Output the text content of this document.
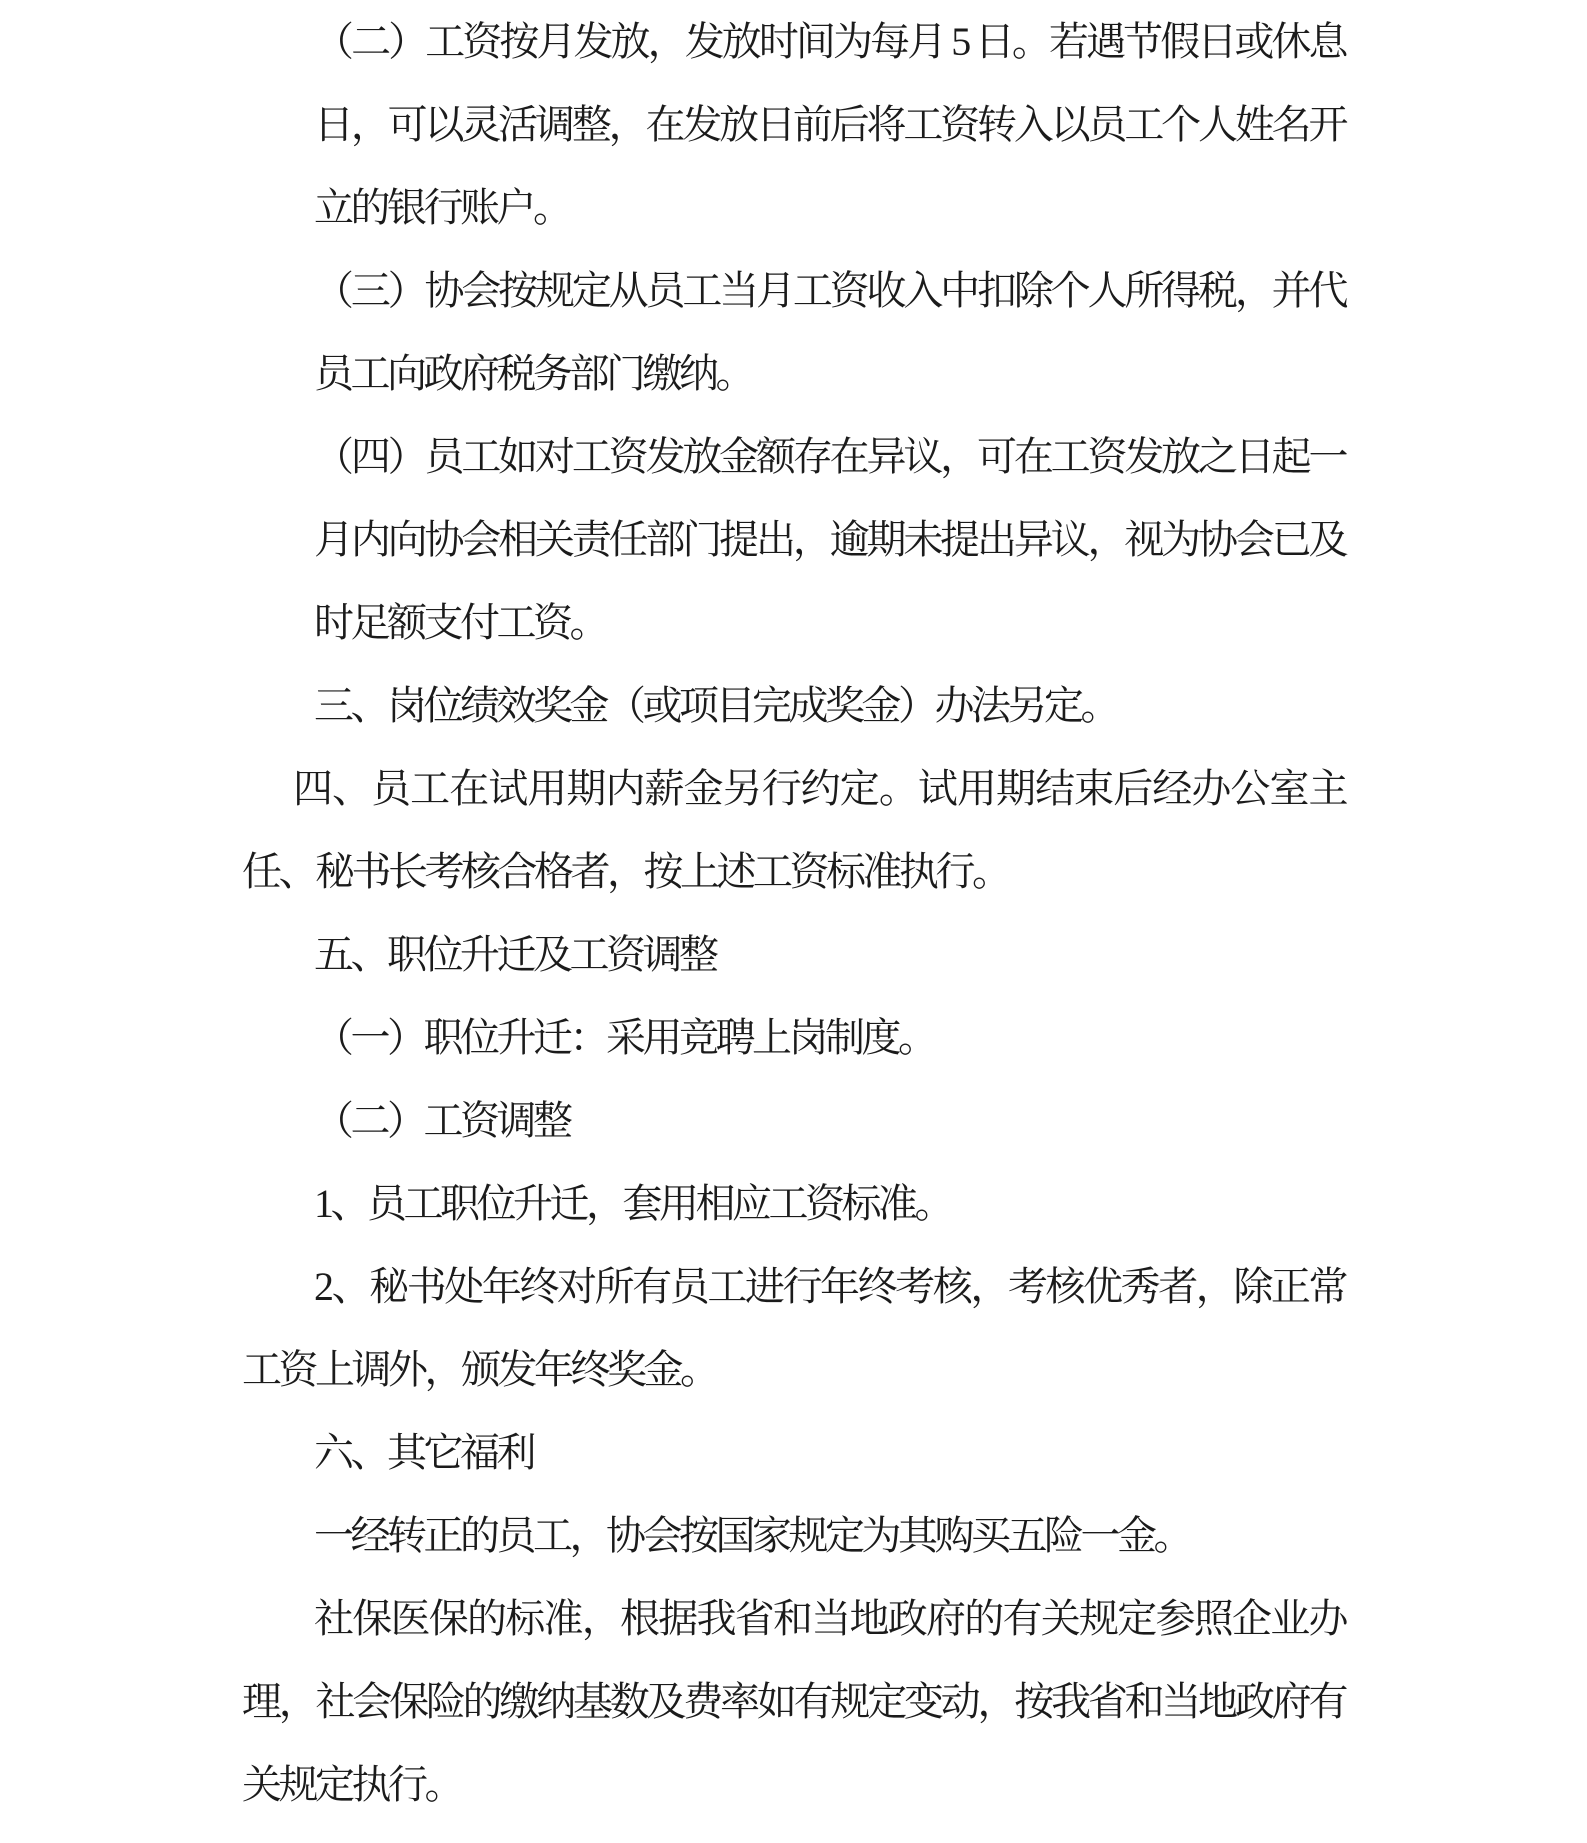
（二）工资按月发放，发放时间为每月 5 日。若遇节假日或休息日，可以灵活调整，在发放日前后将工资转入以员工个人姓名开立的银行账户。

（三）协会按规定从员工当月工资收入中扣除个人所得税，并代员工向政府税务部门缴纳。

（四）员工如对工资发放金额存在异议，可在工资发放之日起一月内向协会相关责任部门提出，逾期未提出异议，视为协会已及时足额支付工资。

三、岗位绩效奖金（或项目完成奖金）办法另定。

四、员工在试用期内薪金另行约定。试用期结束后经办公室主任、秘书长考核合格者，按上述工资标准执行。

五、职位升迁及工资调整

（一）职位升迁：采用竞聘上岗制度。

（二）工资调整

1、员工职位升迁，套用相应工资标准。

2、秘书处年终对所有员工进行年终考核，考核优秀者，除正常工资上调外，颁发年终奖金。

六、其它福利

一经转正的员工，协会按国家规定为其购买五险一金。

社保医保的标准，根据我省和当地政府的有关规定参照企业办理，社会保险的缴纳基数及费率如有规定变动，按我省和当地政府有关规定执行。
